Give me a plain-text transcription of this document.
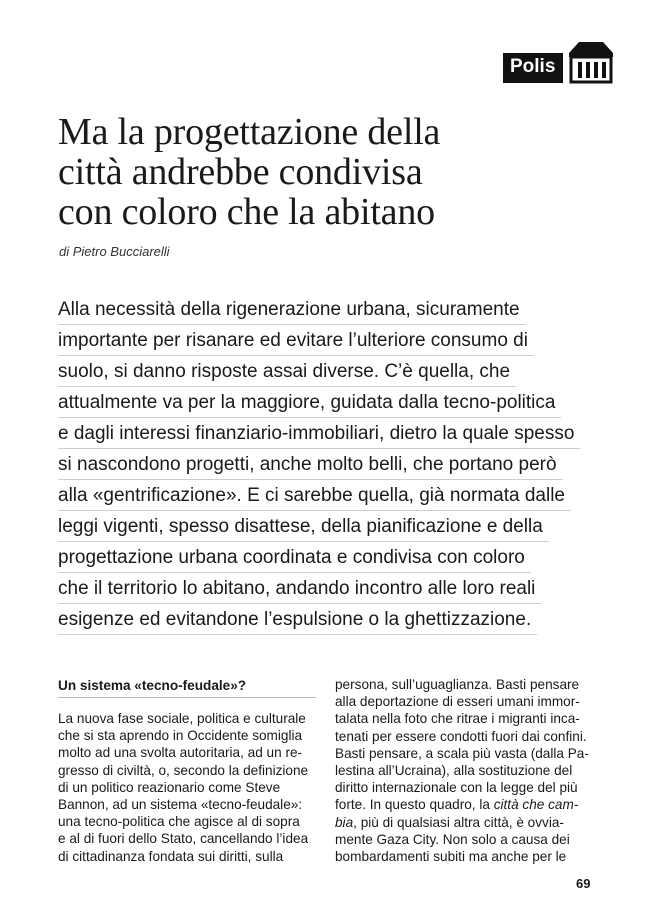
Polis
Ma la progettazione della
città andrebbe condivisa
con coloro che la abitano
di Pietro Bucciarelli
Alla necessità della rigenerazione urbana, sicuramente
importante per risanare ed evitare l’ulteriore consumo di
suolo, si danno risposte assai diverse. C’è quella, che
attualmente va per la maggiore, guidata dalla tecno-politica
e dagli interessi finanziario-immobiliari, dietro la quale spesso
si nascondono progetti, anche molto belli, che portano però
alla «gentrificazione». E ci sarebbe quella, già normata dalle
leggi vigenti, spesso disattese, della pianificazione e della
progettazione urbana coordinata e condivisa con coloro
che il territorio lo abitano, andando incontro alle loro reali
esigenze ed evitandone l’espulsione o la ghettizzazione.
Un sistema «tecno-feudale»?
La nuova fase sociale, politica e culturale
che si sta aprendo in Occidente somiglia
molto ad una svolta autoritaria, ad un re-
gresso di civiltà, o, secondo la definizione
di un politico reazionario come Steve
Bannon, ad un sistema «tecno-feudale»:
una tecno-politica che agisce al di sopra
e al di fuori dello Stato, cancellando l’idea
di cittadinanza fondata sui diritti, sulla
persona, sull’uguaglianza. Basti pensare
alla deportazione di esseri umani immor-
talata nella foto che ritrae i migranti inca-
tenati per essere condotti fuori dai confini.
Basti pensare, a scala più vasta (dalla Pa-
lestina all’Ucraina), alla sostituzione del
diritto internazionale con la legge del più
forte. In questo quadro, la città che cam-
bia, più di qualsiasi altra città, è ovvia-
mente Gaza City. Non solo a causa dei
bombardamenti subiti ma anche per le
69
